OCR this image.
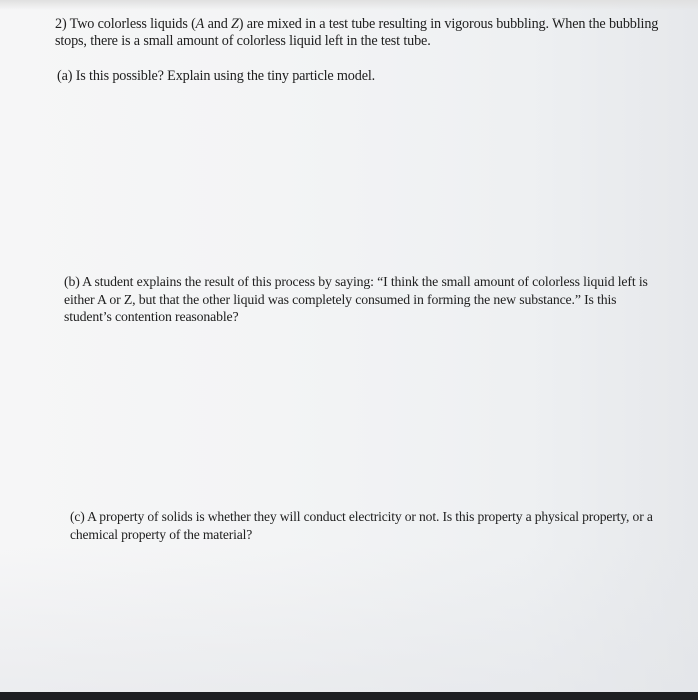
2) Two colorless liquids (A and Z) are mixed in a test tube resulting in vigorous bubbling. When the bubbling stops, there is a small amount of colorless liquid left in the test tube.

(a) Is this possible? Explain using the tiny particle model.

(b) A student explains the result of this process by saying: “I think the small amount of colorless liquid left is either A or Z, but that the other liquid was completely consumed in forming the new substance.” Is this student’s contention reasonable?

(c) A property of solids is whether they will conduct electricity or not. Is this property a physical property, or a chemical property of the material?
